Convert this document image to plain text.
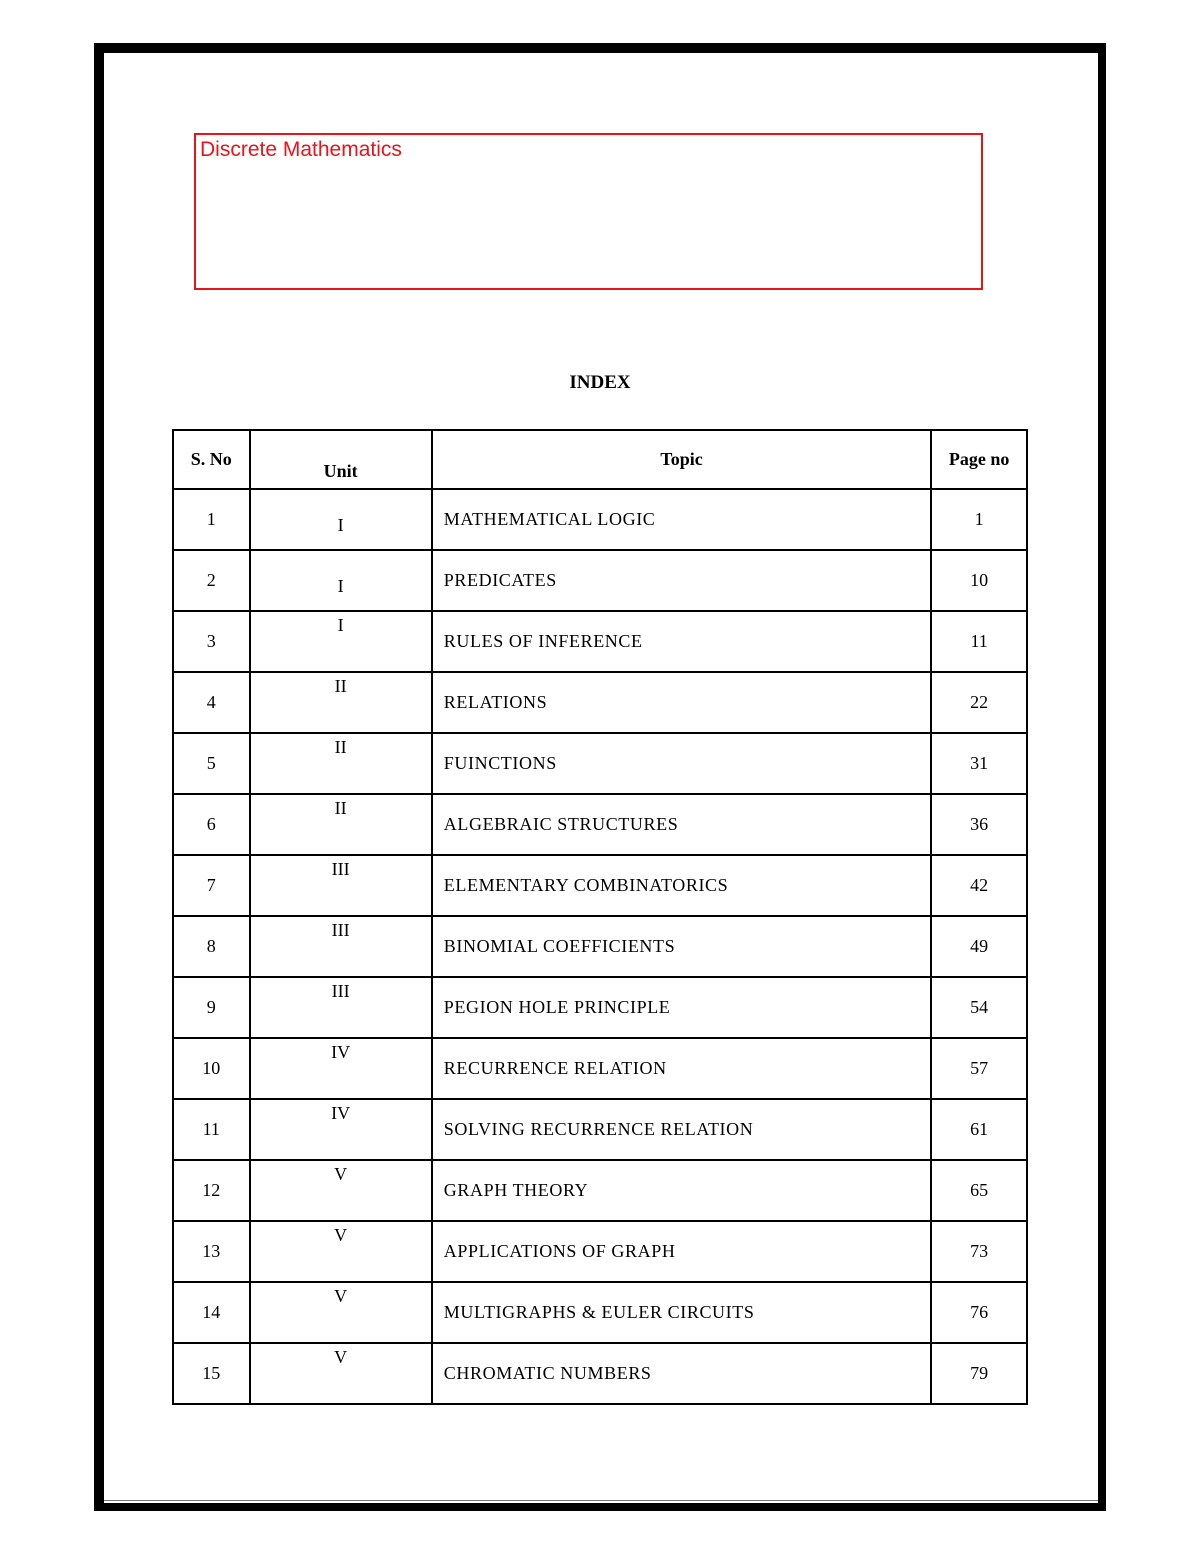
Discrete Mathematics
INDEX
S. No	Unit	Topic	Page no
1	I	MATHEMATICAL LOGIC	1
2	I	PREDICATES	10
3	I	RULES OF INFERENCE	11
4	II	RELATIONS	22
5	II	FUINCTIONS	31
6	II	ALGEBRAIC STRUCTURES	36
7	III	ELEMENTARY COMBINATORICS	42
8	III	BINOMIAL COEFFICIENTS	49
9	III	PEGION HOLE PRINCIPLE	54
10	IV	RECURRENCE RELATION	57
11	IV	SOLVING RECURRENCE RELATION	61
12	V	GRAPH THEORY	65
13	V	APPLICATIONS OF GRAPH	73
14	V	MULTIGRAPHS & EULER CIRCUITS	76
15	V	CHROMATIC NUMBERS	79
